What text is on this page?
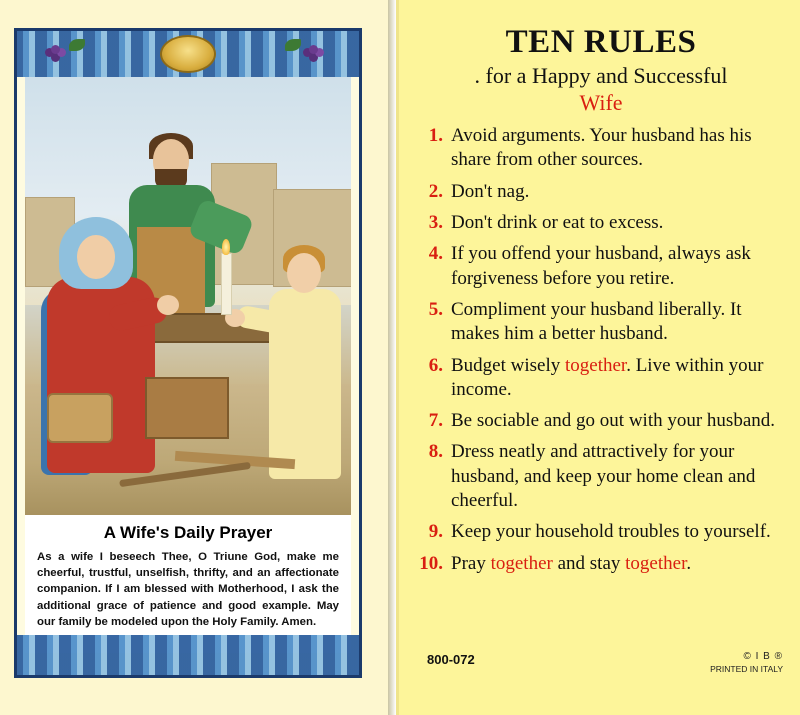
A Wife's Daily Prayer
As a wife I beseech Thee, O Triune God, make me cheerful, trustful, unselfish, thrifty, and an affectionate companion. If I am blessed with Motherhood, I ask the additional grace of patience and good example. May our family be modeled upon the Holy Family. Amen.
TEN RULES
. for a Happy and Successful
Wife
1. Avoid arguments. Your husband has his share from other sources.
2. Don't nag.
3. Don't drink or eat to excess.
4. If you offend your husband, always ask forgiveness before you retire.
5. Compliment your husband liberally. It makes him a better husband.
6. Budget wisely together. Live within your income.
7. Be sociable and go out with your husband.
8. Dress neatly and attractively for your husband, and keep your home clean and cheerful.
9. Keep your household troubles to yourself.
10. Pray together and stay together.
800-072	© I B ®
PRINTED IN ITALY
